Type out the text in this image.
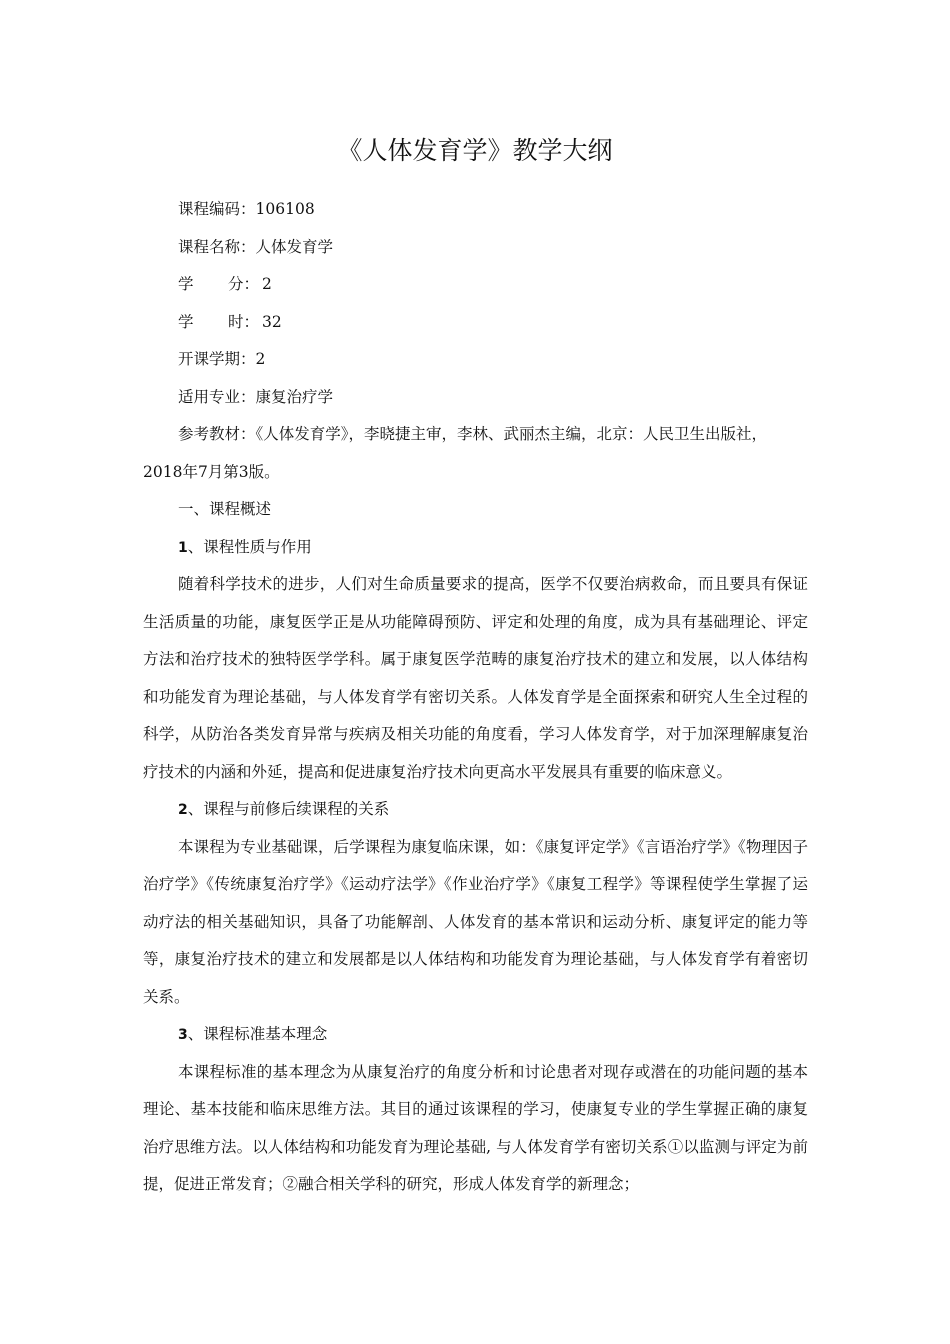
《人体发育学》教学大纲
课程编码：106108
课程名称：人体发育学
学 分： 2
学 时： 32
开课学期：2
适用专业：康复治疗学

参考教材：《人体发育学》，李晓捷主审，李林、武丽杰主编，北京：人民卫生出版社，

2018年7月第3版。

一、课程概述

1、课程性质与作用

随着科学技术的进步，人们对生命质量要求的提高，医学不仅要治病救命，而且要具有保证生活质量的功能，康复医学正是从功能障碍预防、评定和处理的角度，成为具有基础理论、评定方法和治疗技术的独特医学学科。属于康复医学范畴的康复治疗技术的建立和发展，以人体结构和功能发育为理论基础，与人体发育学有密切关系。人体发育学是全面探索和研究人生全过程的科学，从防治各类发育异常与疾病及相关功能的角度看，学习人体发育学，对于加深理解康复治疗技术的内涵和外延，提高和促进康复治疗技术向更高水平发展具有重要的临床意义。

2、课程与前修后续课程的关系

本课程为专业基础课，后学课程为康复临床课，如：《康复评定学》《言语治疗学》《物理因子治疗学》《传统康复治疗学》《运动疗法学》《作业治疗学》《康复工程学》等课程使学生掌握了运动疗法的相关基础知识，具备了功能解剖、人体发育的基本常识和运动分析、康复评定的能力等等，康复治疗技术的建立和发展都是以人体结构和功能发育为理论基础，与人体发育学有着密切关系。

3、课程标准基本理念

本课程标准的基本理念为从康复治疗的角度分析和讨论患者对现存或潜在的功能问题的基本理论、基本技能和临床思维方法。其目的通过该课程的学习，使康复专业的学生掌握正确的康复治疗思维方法。以人体结构和功能发育为理论基础, 与人体发育学有密切关系①以监测与评定为前提，促进正常发育；②融合相关学科的研究，形成人体发育学的新理念；
